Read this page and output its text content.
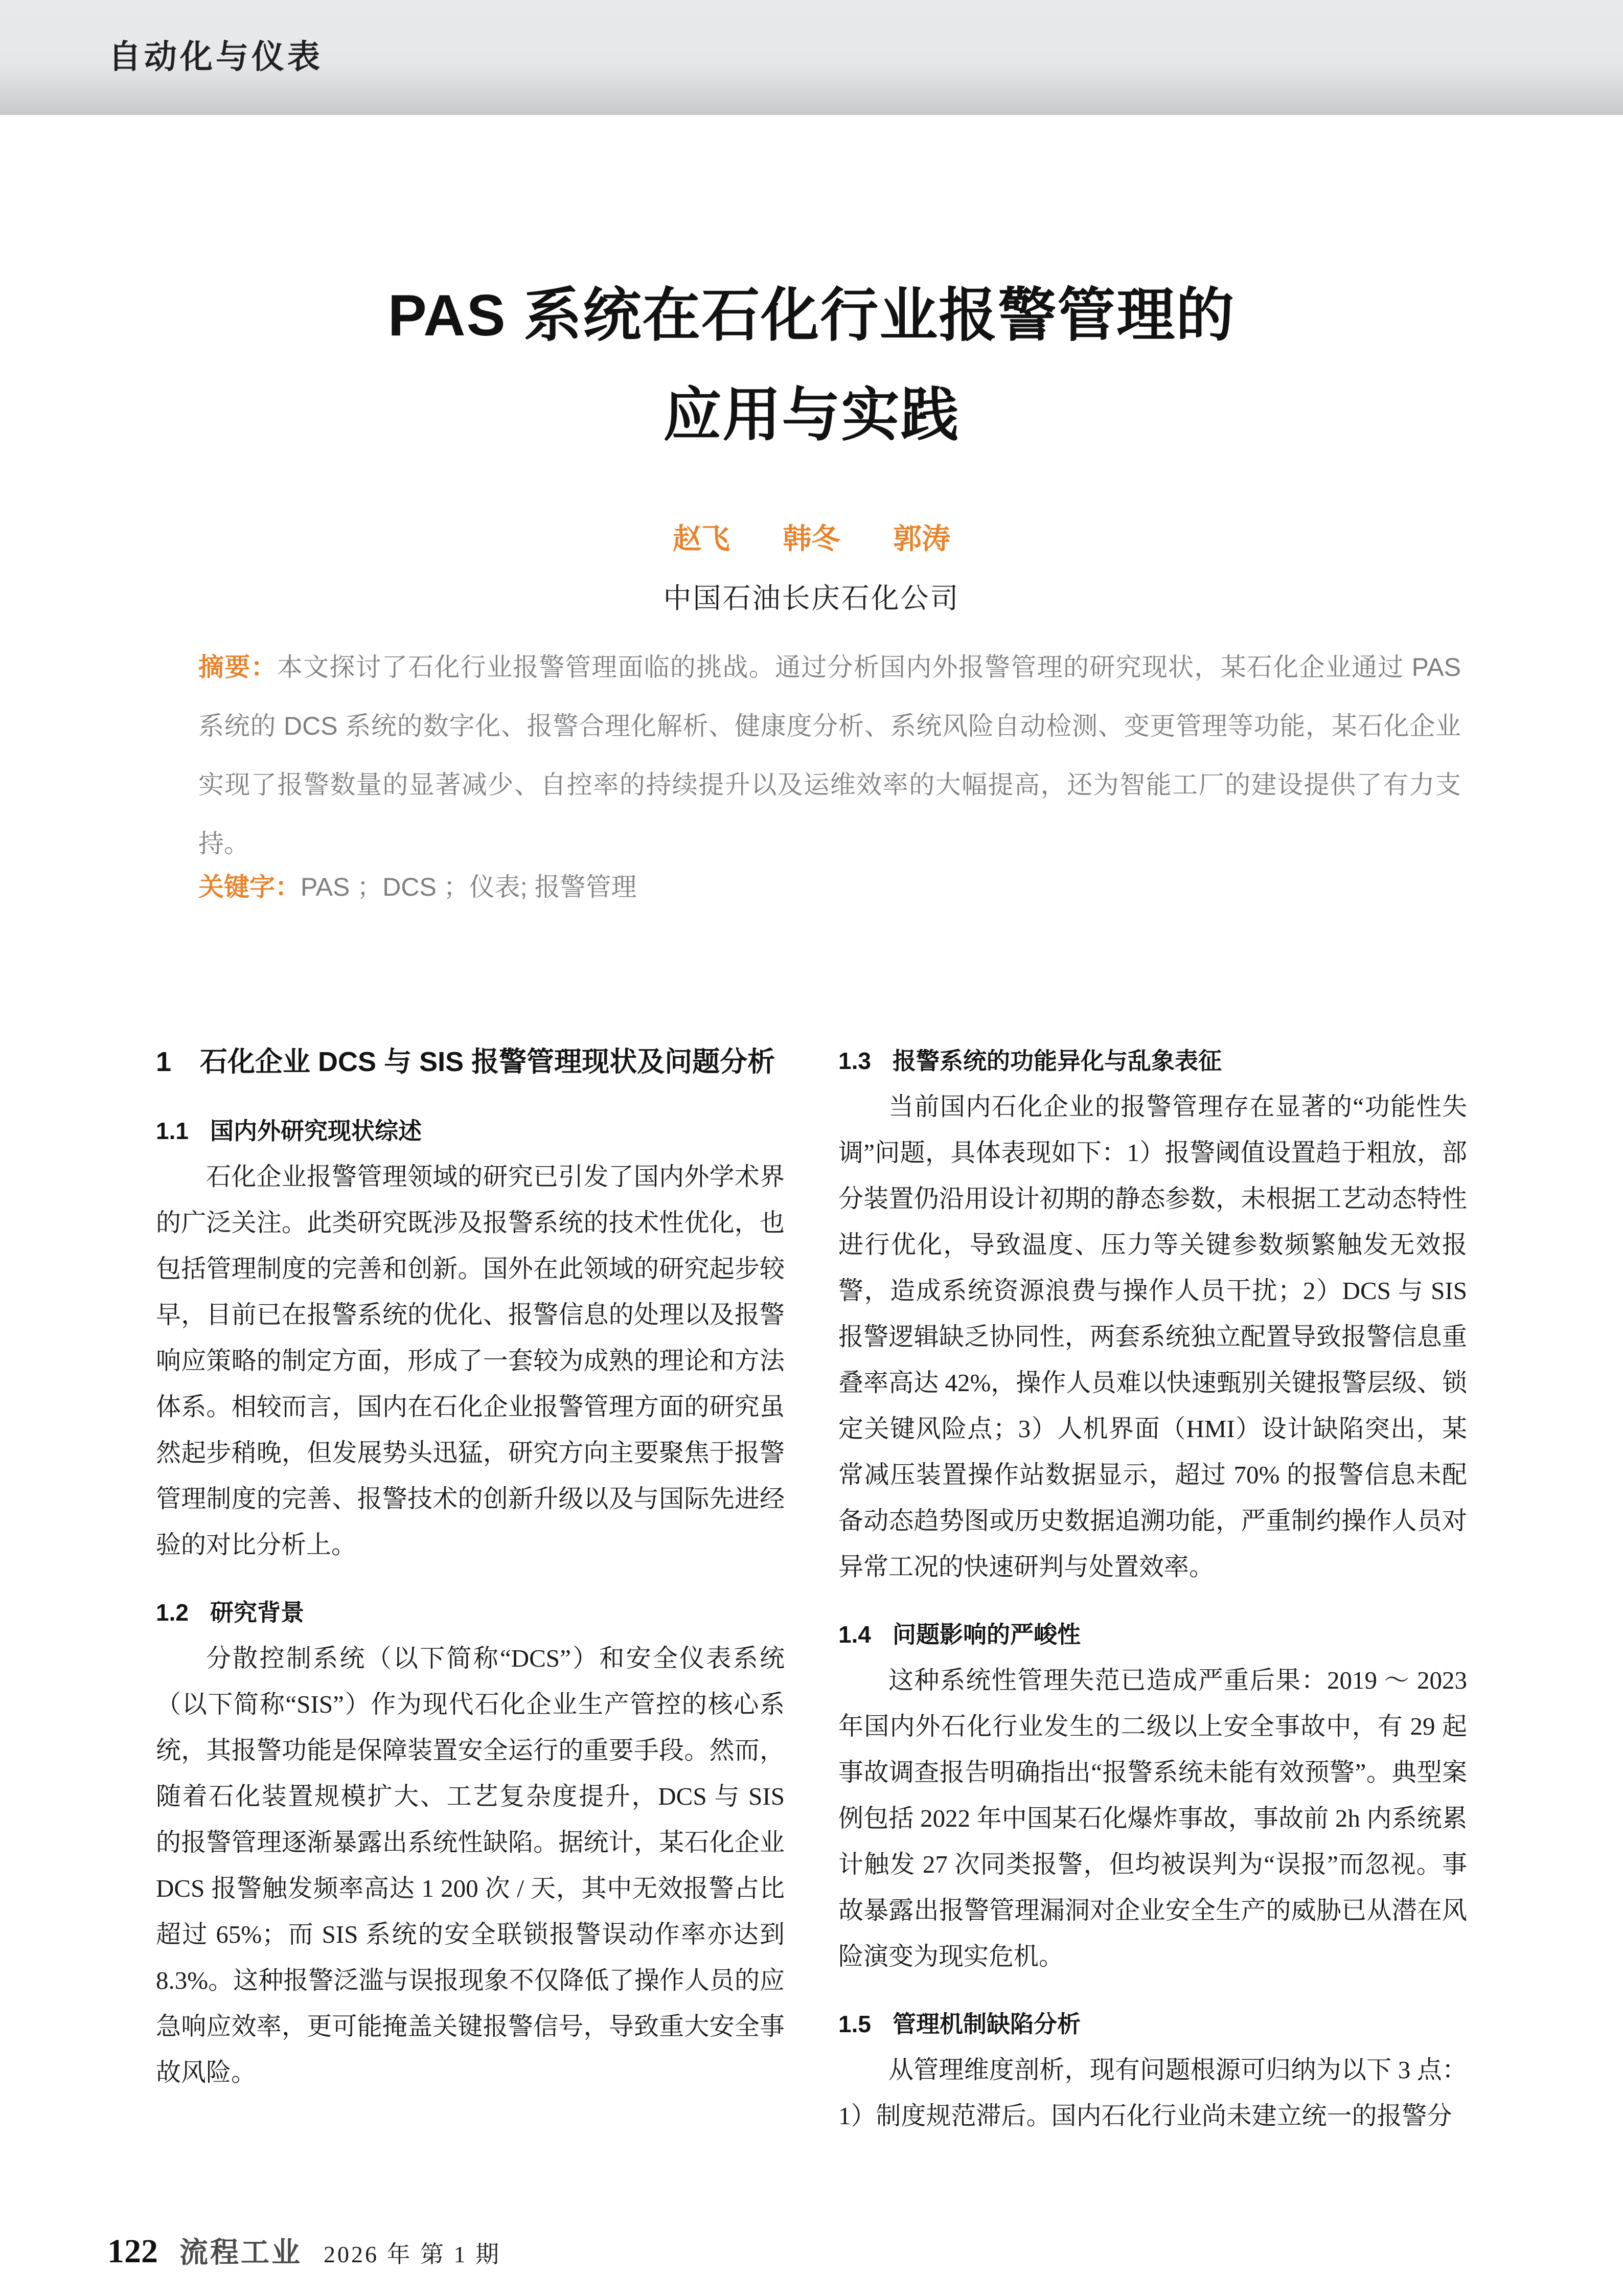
自动化与仪表
PAS 系统在石化行业报警管理的
应用与实践
赵飞 韩冬 郭涛
中国石油长庆石化公司

摘要：本文探讨了石化行业报警管理面临的挑战。通过分析国内外报警管理的研究现状，某石化企业通过 PAS 系统的 DCS 系统的数字化、报警合理化解析、健康度分析、系统风险自动检测、变更管理等功能，某石化企业实现了报警数量的显著减少、自控率的持续提升以及运维效率的大幅提高，还为智能工厂的建设提供了有力支持。

关键字：PAS ；DCS ；仪表; 报警管理

1 石化企业 DCS 与 SIS 报警管理现状及问题分析
1.1 国内外研究现状综述

石化企业报警管理领域的研究已引发了国内外学术界的广泛关注。此类研究既涉及报警系统的技术性优化，也包括管理制度的完善和创新。国外在此领域的研究起步较早，目前已在报警系统的优化、报警信息的处理以及报警响应策略的制定方面，形成了一套较为成熟的理论和方法体系。相较而言，国内在石化企业报警管理方面的研究虽然起步稍晚，但发展势头迅猛，研究方向主要聚焦于报警管理制度的完善、报警技术的创新升级以及与国际先进经验的对比分析上。

1.2 研究背景

分散控制系统（以下简称“DCS”）和安全仪表系统（以下简称“SIS”）作为现代石化企业生产管控的核心系统，其报警功能是保障装置安全运行的重要手段。然而，随着石化装置规模扩大、工艺复杂度提升，DCS 与 SIS 的报警管理逐渐暴露出系统性缺陷。据统计，某石化企业 DCS 报警触发频率高达 1 200 次 / 天，其中无效报警占比超过 65%；而 SIS 系统的安全联锁报警误动作率亦达到 8.3%。这种报警泛滥与误报现象不仅降低了操作人员的应急响应效率，更可能掩盖关键报警信号，导致重大安全事故风险。

1.3 报警系统的功能异化与乱象表征

当前国内石化企业的报警管理存在显著的“功能性失调”问题，具体表现如下：1）报警阈值设置趋于粗放，部分装置仍沿用设计初期的静态参数，未根据工艺动态特性进行优化，导致温度、压力等关键参数频繁触发无效报警，造成系统资源浪费与操作人员干扰；2）DCS 与 SIS 报警逻辑缺乏协同性，两套系统独立配置导致报警信息重叠率高达 42%，操作人员难以快速甄别关键报警层级、锁定关键风险点；3）人机界面（HMI）设计缺陷突出，某常减压装置操作站数据显示，超过 70% 的报警信息未配备动态趋势图或历史数据追溯功能，严重制约操作人员对异常工况的快速研判与处置效率。

1.4 问题影响的严峻性

这种系统性管理失范已造成严重后果：2019 ～ 2023 年国内外石化行业发生的二级以上安全事故中，有 29 起事故调查报告明确指出“报警系统未能有效预警”。典型案例包括 2022 年中国某石化爆炸事故，事故前 2h 内系统累计触发 27 次同类报警，但均被误判为“误报”而忽视。事故暴露出报警管理漏洞对企业安全生产的威胁已从潜在风险演变为现实危机。

1.5 管理机制缺陷分析

从管理维度剖析，现有问题根源可归纳为以下 3 点：1）制度规范滞后。国内石化行业尚未建立统一的报警分

122 流程工业 2026 年 第 1 期
